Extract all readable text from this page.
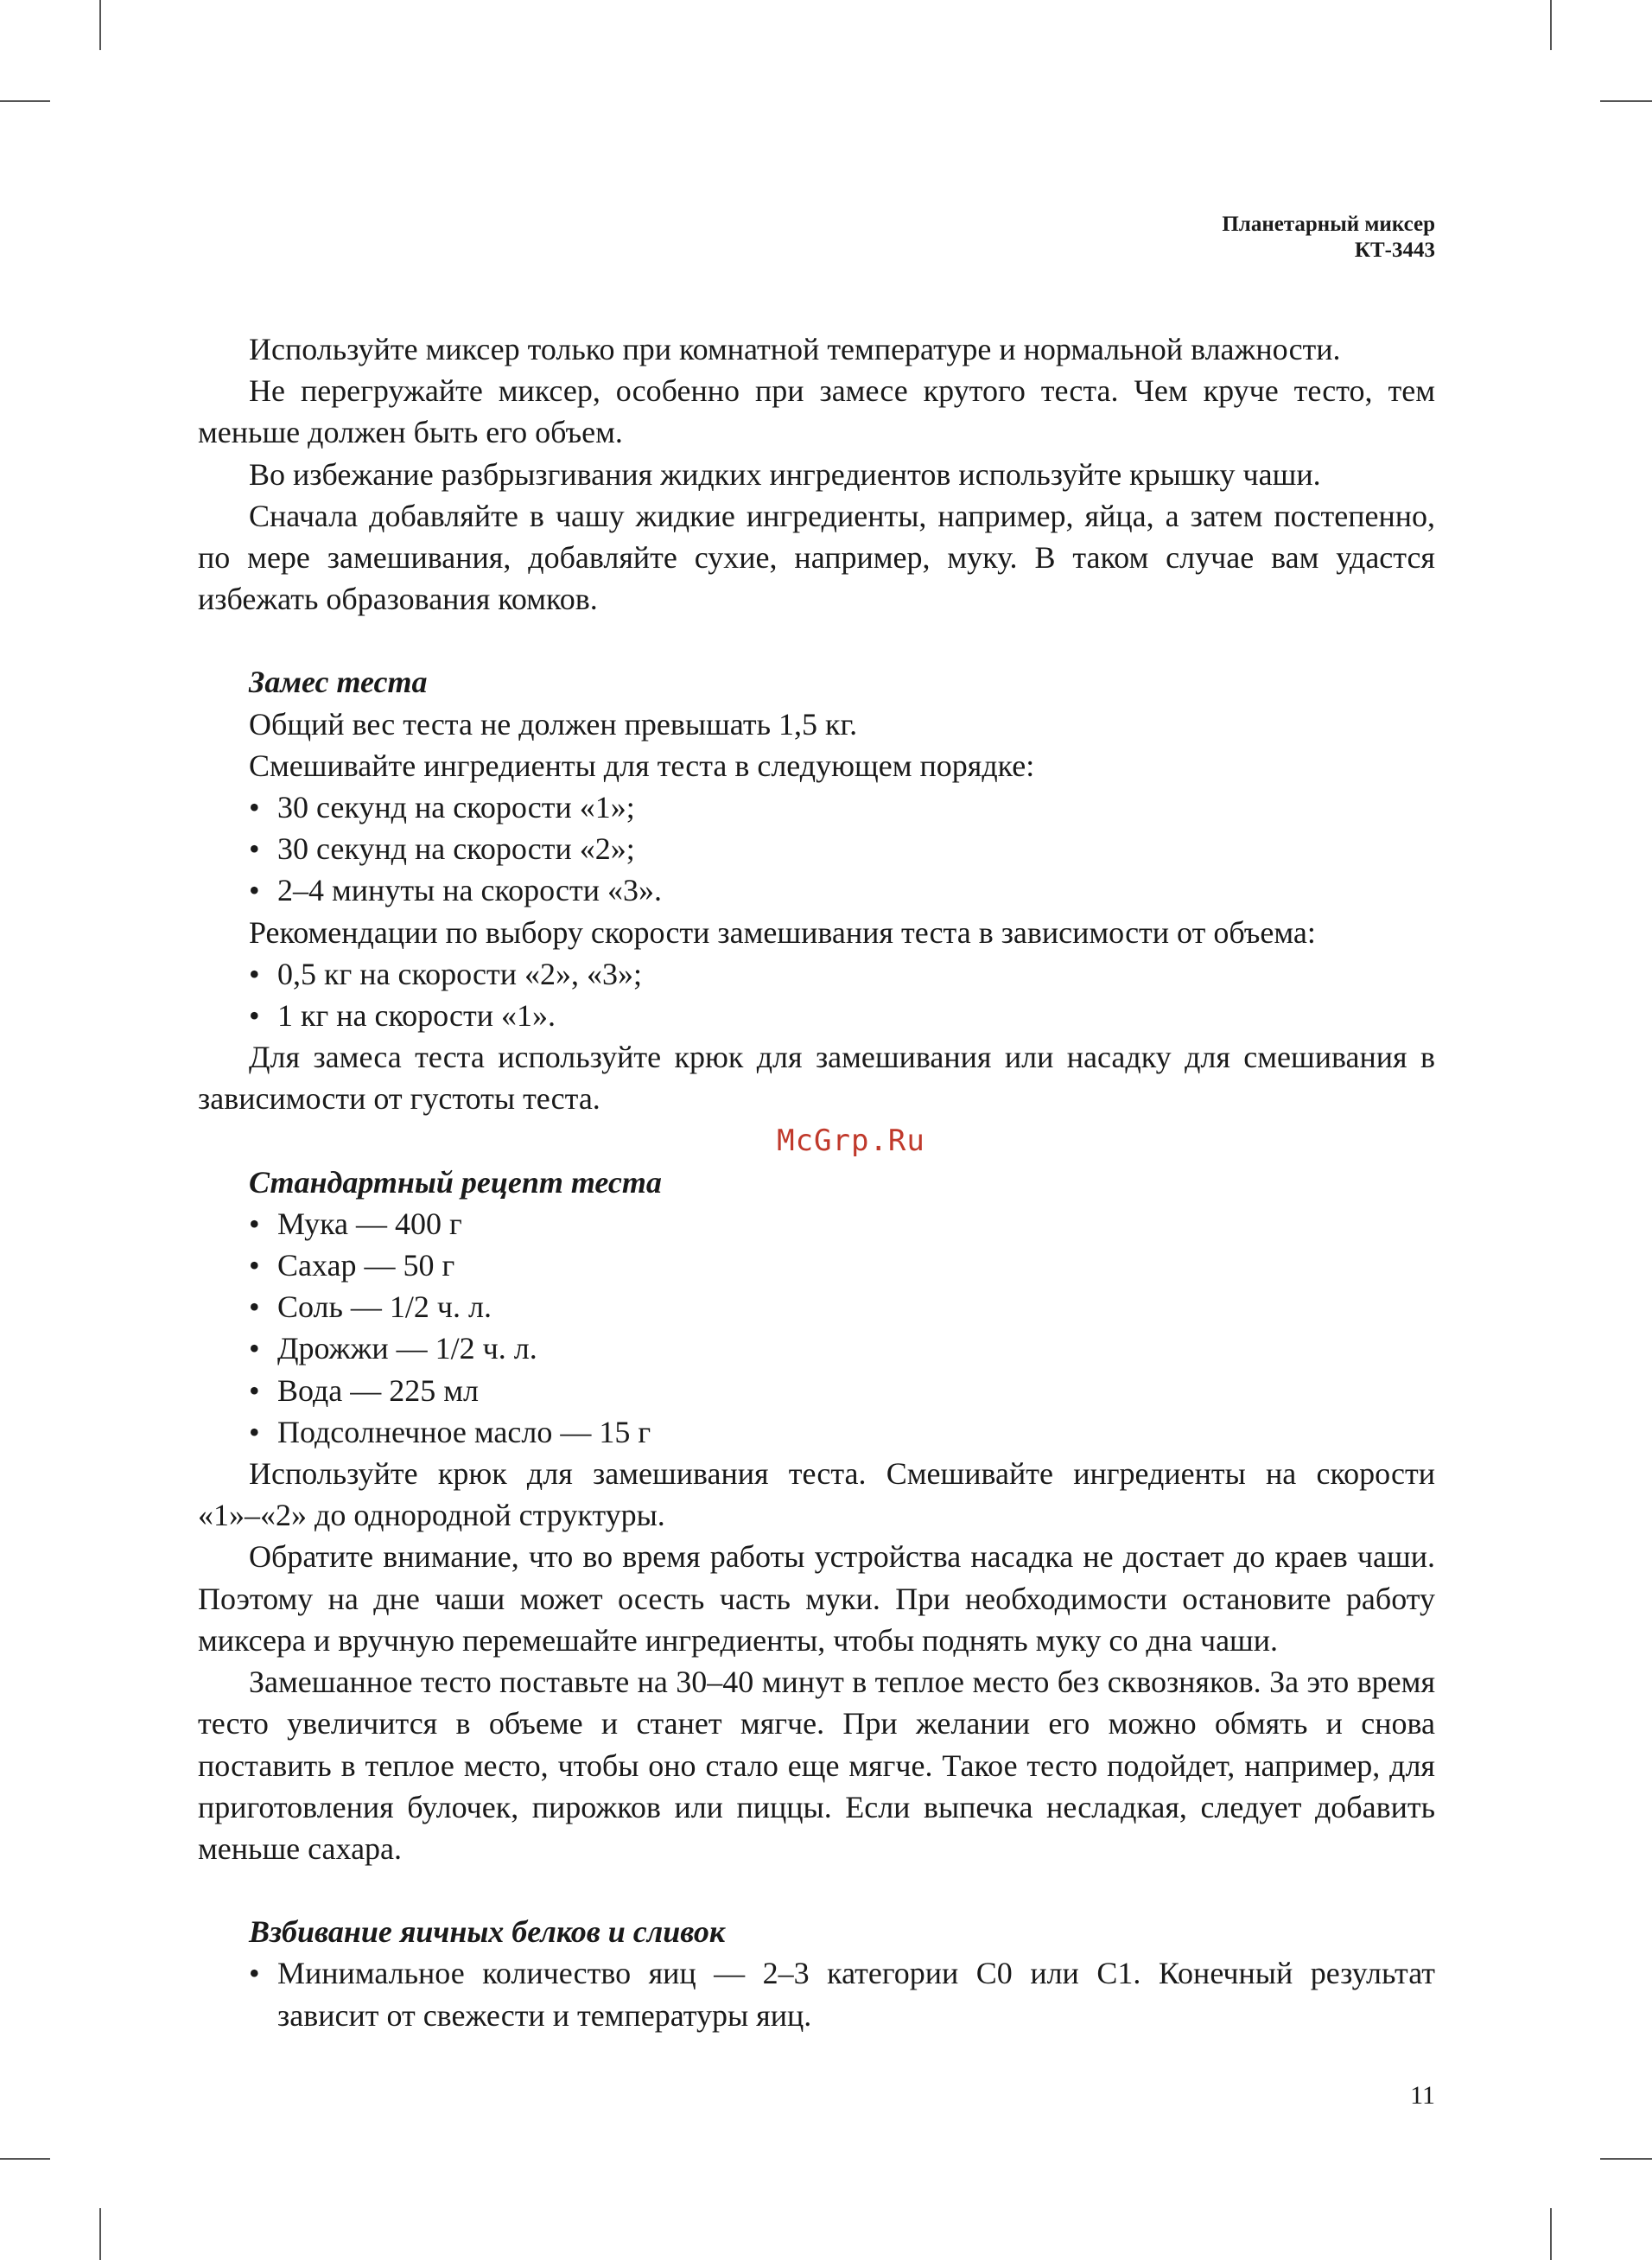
Планетарный миксер
КТ-3443

Используйте миксер только при комнатной температуре и нормальной влажности.

Не перегружайте миксер, особенно при замесе крутого теста. Чем круче тесто, тем меньше должен быть его объем.

Во избежание разбрызгивания жидких ингредиентов используйте крышку чаши.

Сначала добавляйте в чашу жидкие ингредиенты, например, яйца, а затем постепенно, по мере замешивания, добавляйте сухие, например, муку. В таком случае вам удастся избежать образования комков.

Замес теста

Общий вес теста не должен превышать 1,5 кг.

Смешивайте ингредиенты для теста в следующем порядке:

• 30 секунд на скорости «1»;
• 30 секунд на скорости «2»;
• 2–4 минуты на скорости «3».

Рекомендации по выбору скорости замешивания теста в зависимости от объема:

• 0,5 кг на скорости «2», «3»;
• 1 кг на скорости «1».

Для замеса теста используйте крюк для замешивания или насадку для смешивания в зависимости от густоты теста.

McGrp.Ru
Стандартный рецепт теста
• Мука — 400 г
• Сахар — 50 г
• Соль — 1/2 ч. л.
• Дрожжи — 1/2 ч. л.
• Вода — 225 мл
• Подсолнечное масло — 15 г

Используйте крюк для замешивания теста. Смешивайте ингредиенты на скорости «1»–«2» до однородной структуры.

Обратите внимание, что во время работы устройства насадка не достает до краев чаши. Поэтому на дне чаши может осесть часть муки. При необходимости остановите работу миксера и вручную перемешайте ингредиенты, чтобы поднять муку со дна чаши.

Замешанное тесто поставьте на 30–40 минут в теплое место без сквозняков. За это время тесто увеличится в объеме и станет мягче. При желании его можно обмять и снова поставить в теплое место, чтобы оно стало еще мягче. Такое тесто подойдет, например, для приготовления булочек, пирожков или пиццы. Если выпечка несладкая, следует добавить меньше сахара.

Взбивание яичных белков и сливок
• Минимальное количество яиц — 2–3 категории С0 или С1. Конечный результат зависит от свежести и температуры яиц.
11
